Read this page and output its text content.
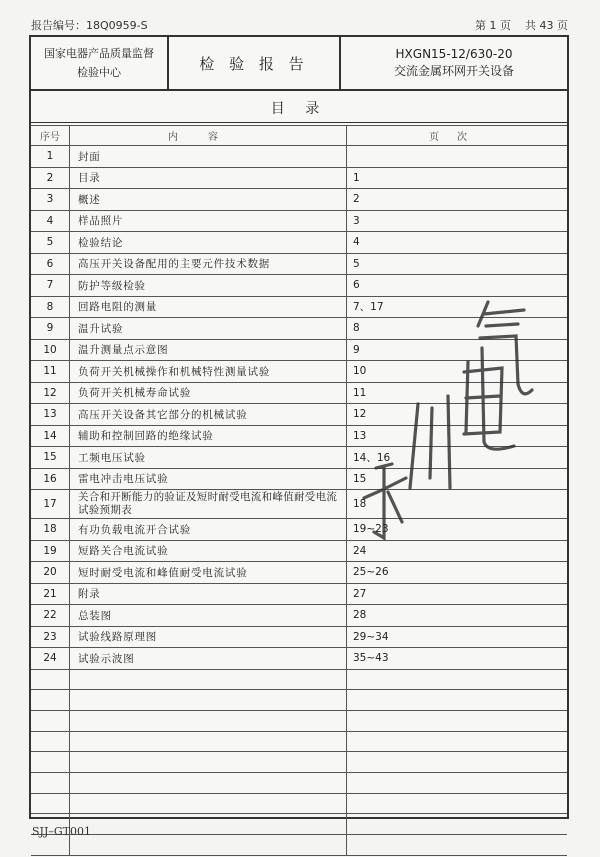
报告编号：18Q0959-S	第 1 页 共 43 页
国家电器产品质量监督
检验中心	检 验 报 告
HXGN15-12/630-20
交流金属环网开关设备
目 录
序号	内容	页次
1	封面	
2	目录	1
3	概述	2
4	样品照片	3
5	检验结论	4
6	高压开关设备配用的主要元件技术数据	5
7	防护等级检验	6
8	回路电阻的测量	7、17
9	温升试验	8
10	温升测量点示意图	9
11	负荷开关机械操作和机械特性测量试验	10
12	负荷开关机械寿命试验	11
13	高压开关设备其它部分的机械试验	12
14	辅助和控制回路的绝缘试验	13
15	工频电压试验	14、16
16	雷电冲击电压试验	15
17	关合和开断能力的验证及短时耐受电流和峰值耐受电流试验预期表	18
18	有功负载电流开合试验	19~23
19	短路关合电流试验	24
20	短时耐受电流和峰值耐受电流试验	25~26
21	附录	27
22	总装图	28
23	试验线路原理图	29~34
24	试验示波图	35~43

SJJ–GT001
